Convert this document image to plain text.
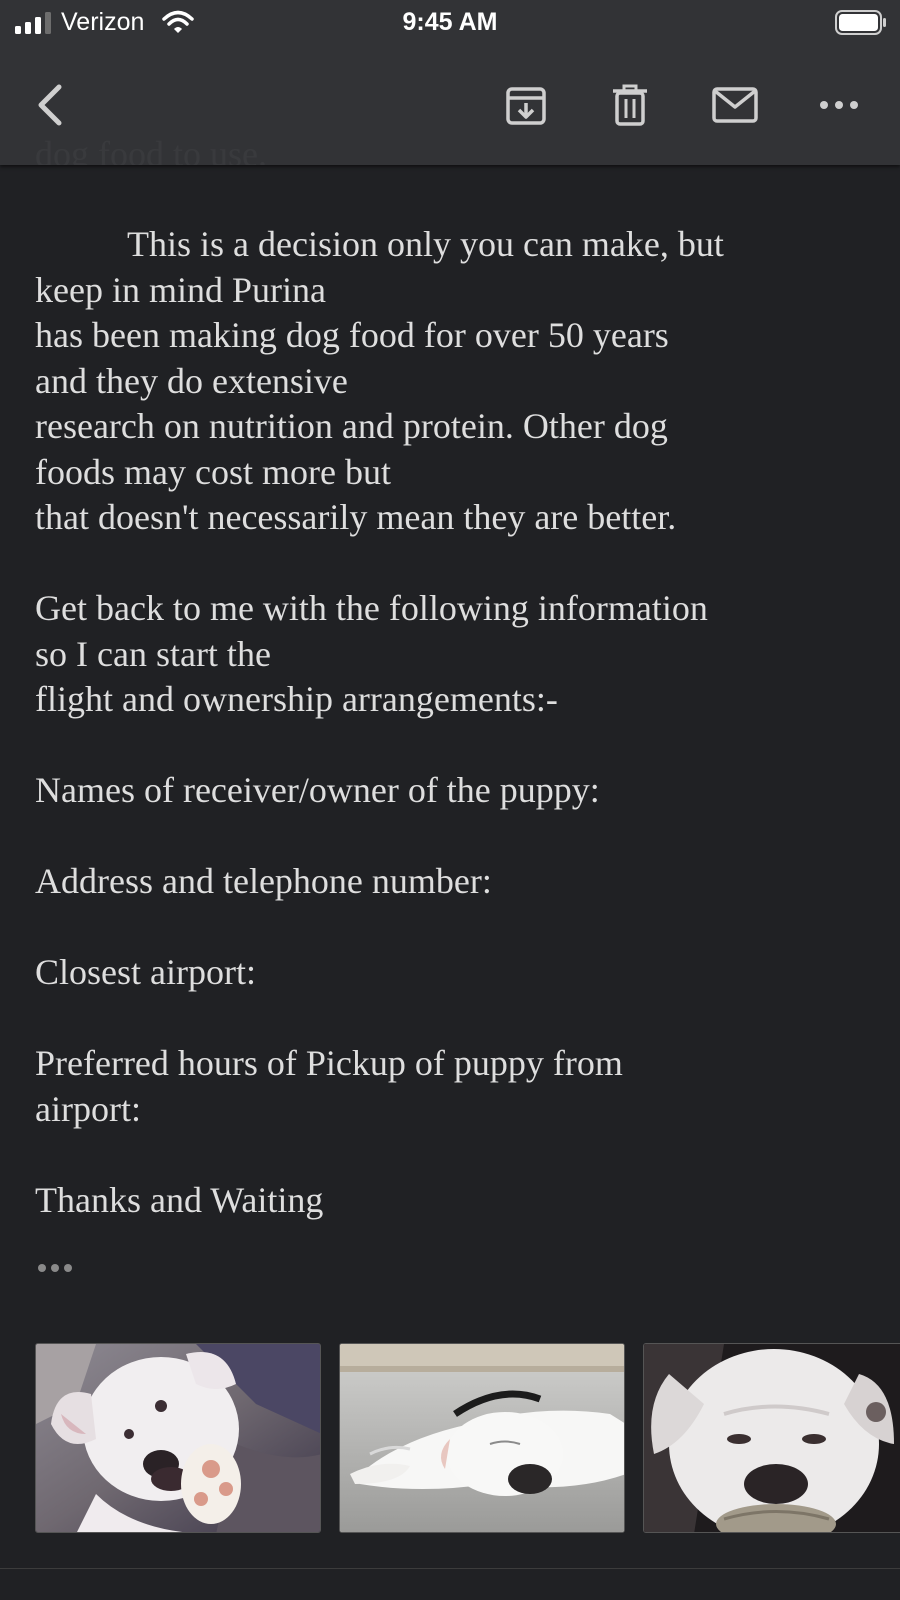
This is a decision only you can make, but
keep in mind Purina
has been making dog food for over 50 years
and they do extensive
research on nutrition and protein. Other dog
foods may cost more but
that doesn't necessarily mean they are better.
Get back to me with the following information
so I can start the
flight and ownership arrangements:-
Names of receiver/owner of the puppy:
Address and telephone number:
Closest airport:
Preferred hours of Pickup of puppy from
airport:
Thanks and Waiting
Verizon	9:45 AM
